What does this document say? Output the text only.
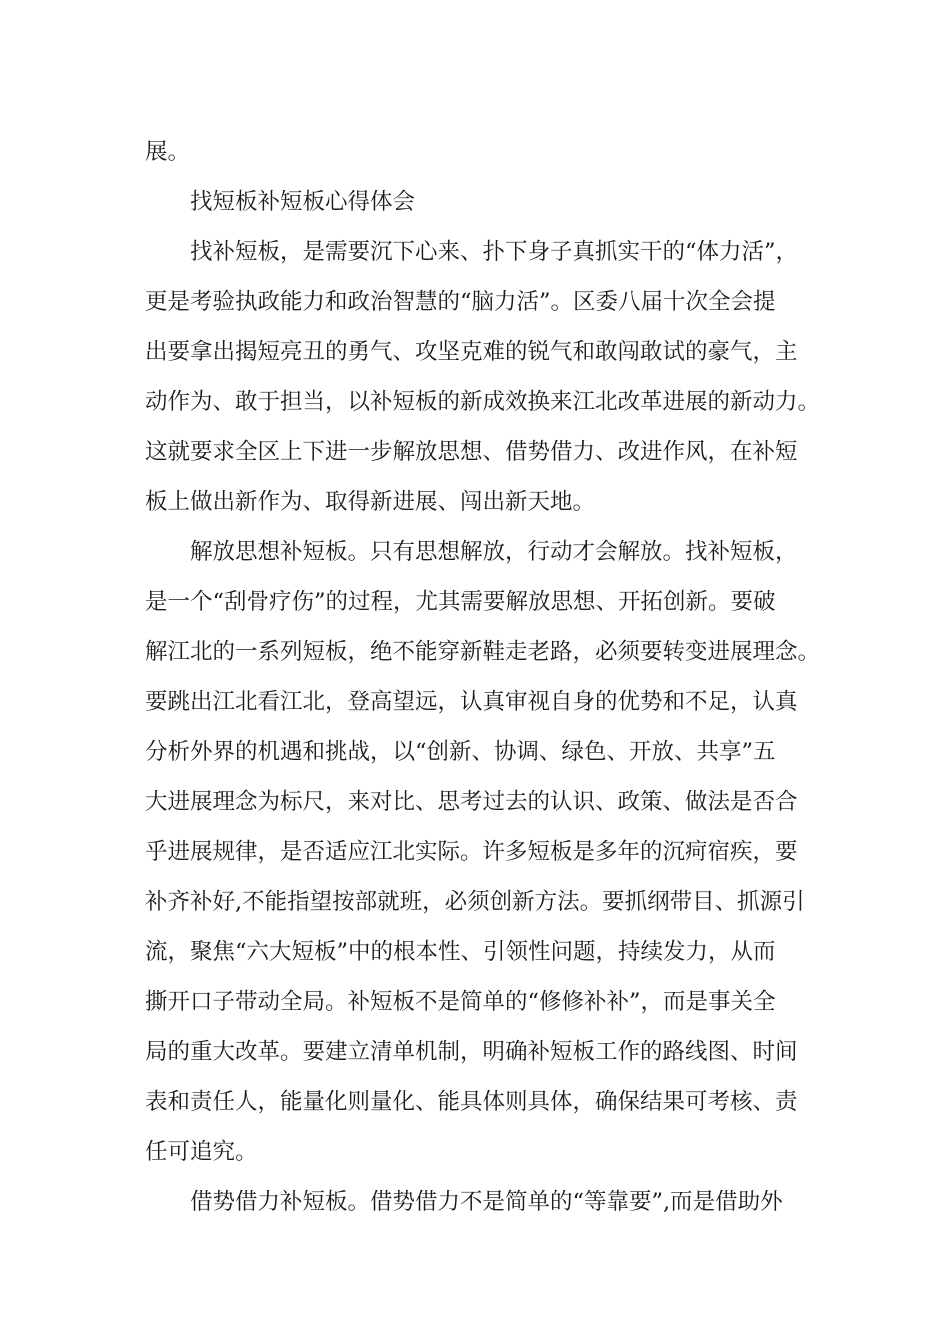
展。

找短板补短板心得体会

找补短板，是需要沉下心来、扑下身子真抓实干的“体力活”，

更是考验执政能力和政治智慧的“脑力活”。区委八届十次全会提

出要拿出揭短亮丑的勇气、攻坚克难的锐气和敢闯敢试的豪气，主

动作为、敢于担当，以补短板的新成效换来江北改革进展的新动力。

这就要求全区上下进一步解放思想、借势借力、改进作风，在补短

板上做出新作为、取得新进展、闯出新天地。

解放思想补短板。只有思想解放，行动才会解放。找补短板，

是一个“刮骨疗伤”的过程，尤其需要解放思想、开拓创新。要破

解江北的一系列短板，绝不能穿新鞋走老路，必须要转变进展理念。

要跳出江北看江北，登高望远，认真审视自身的优势和不足，认真

分析外界的机遇和挑战，以“创新、协调、绿色、开放、共享”五

大进展理念为标尺，来对比、思考过去的认识、政策、做法是否合

乎进展规律，是否适应江北实际。许多短板是多年的沉疴宿疾，要

补齐补好,不能指望按部就班，必须创新方法。要抓纲带目、抓源引

流，聚焦“六大短板”中的根本性、引领性问题，持续发力，从而

撕开口子带动全局。补短板不是简单的“修修补补”，而是事关全

局的重大改革。要建立清单机制，明确补短板工作的路线图、时间

表和责任人，能量化则量化、能具体则具体，确保结果可考核、责

任可追究。

借势借力补短板。借势借力不是简单的“等靠要”,而是借助外
